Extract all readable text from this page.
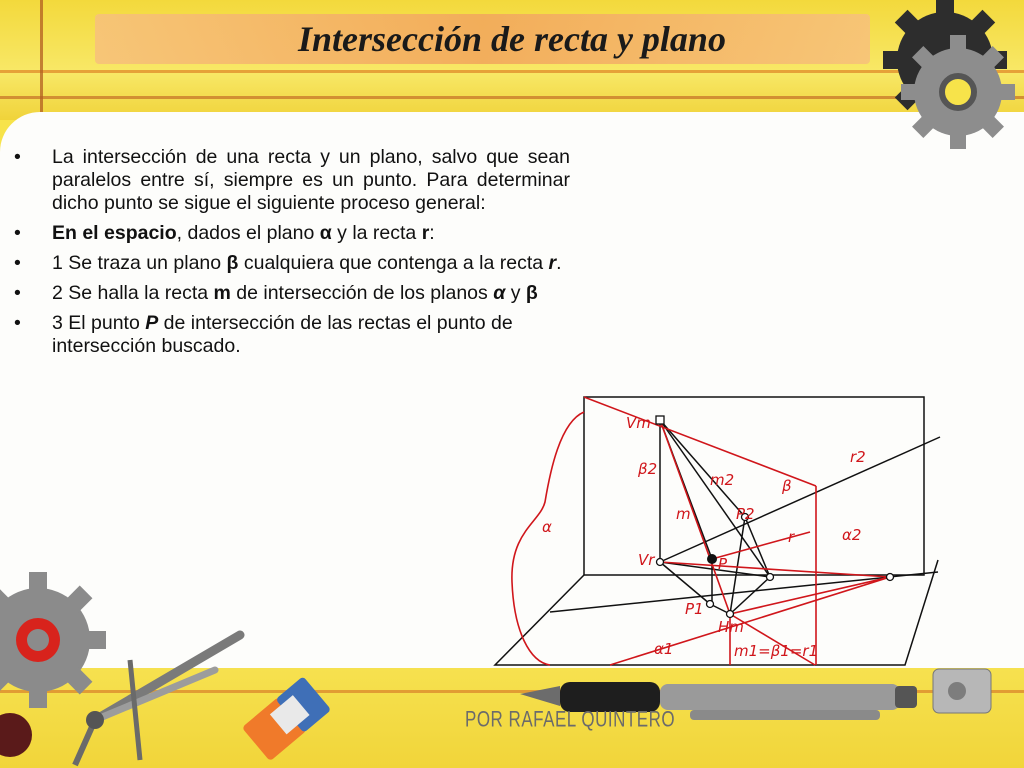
Intersección de recta y plano
POR RAFAEL QUINTERO
•	La intersección de una recta y un plano, salvo que sean paralelos entre sí, siempre es un punto. Para determinar dicho punto se sigue el siguiente proceso general:
•	En el espacio, dados el plano α y la recta r:
•	1 Se traza un plano β cualquiera que contenga a la recta r.
•	2 Se halla la recta m de intersección de los planos α y β
•	3 El punto P de intersección de las rectas el punto de intersección buscado.
Vm
β2
α
m2	β
r2
m	P2
r	α2
Vr	P
P1
Hm
α1	m1=β1=r1
